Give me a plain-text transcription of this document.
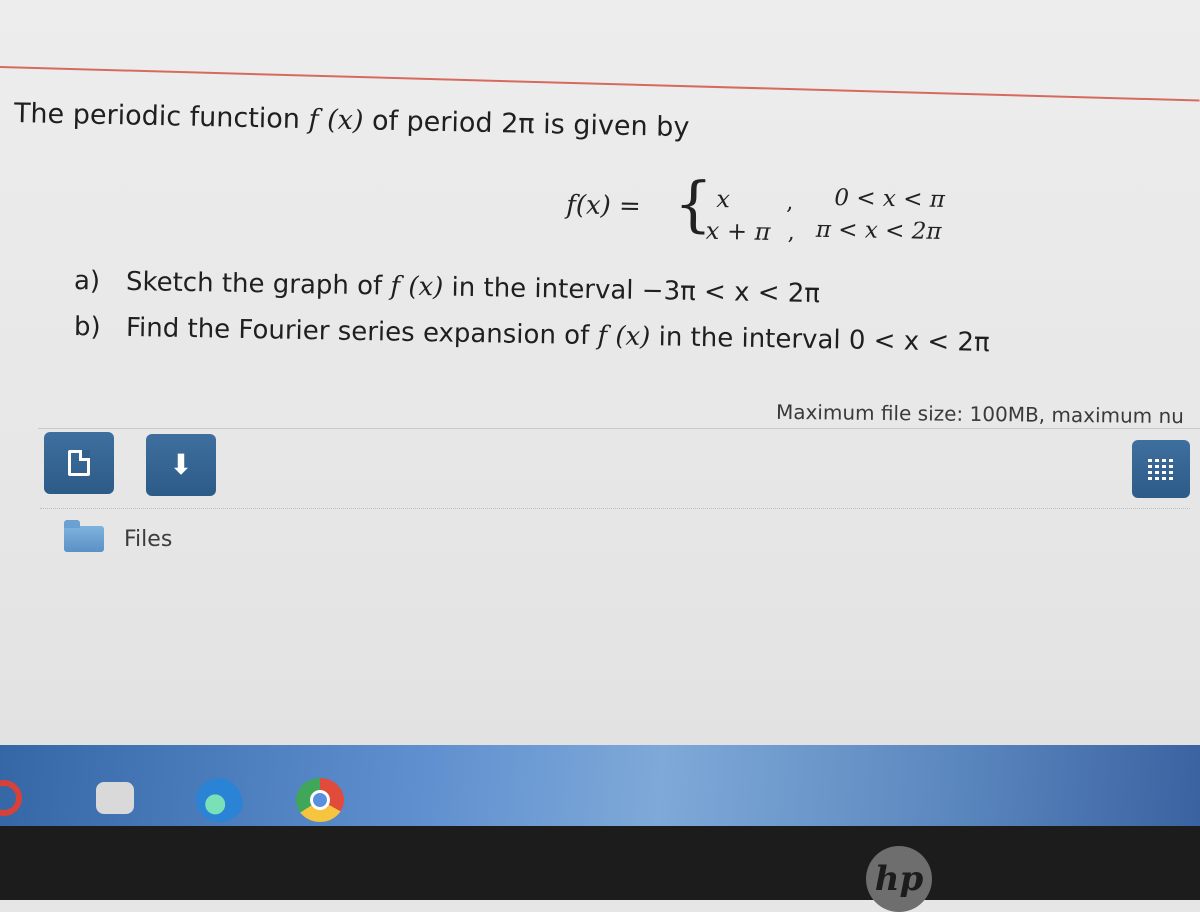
The periodic function f (x) of period 2π is given by
f(x) = { x	, 0 < x < π
x + π , π < x < 2π
a) Sketch the graph of f (x) in the interval −3π < x < 2π
b) Find the Fourier series expansion of f (x) in the interval 0 < x < 2π
Maximum file size: 100MB, maximum nu
⬇
Files
hp
